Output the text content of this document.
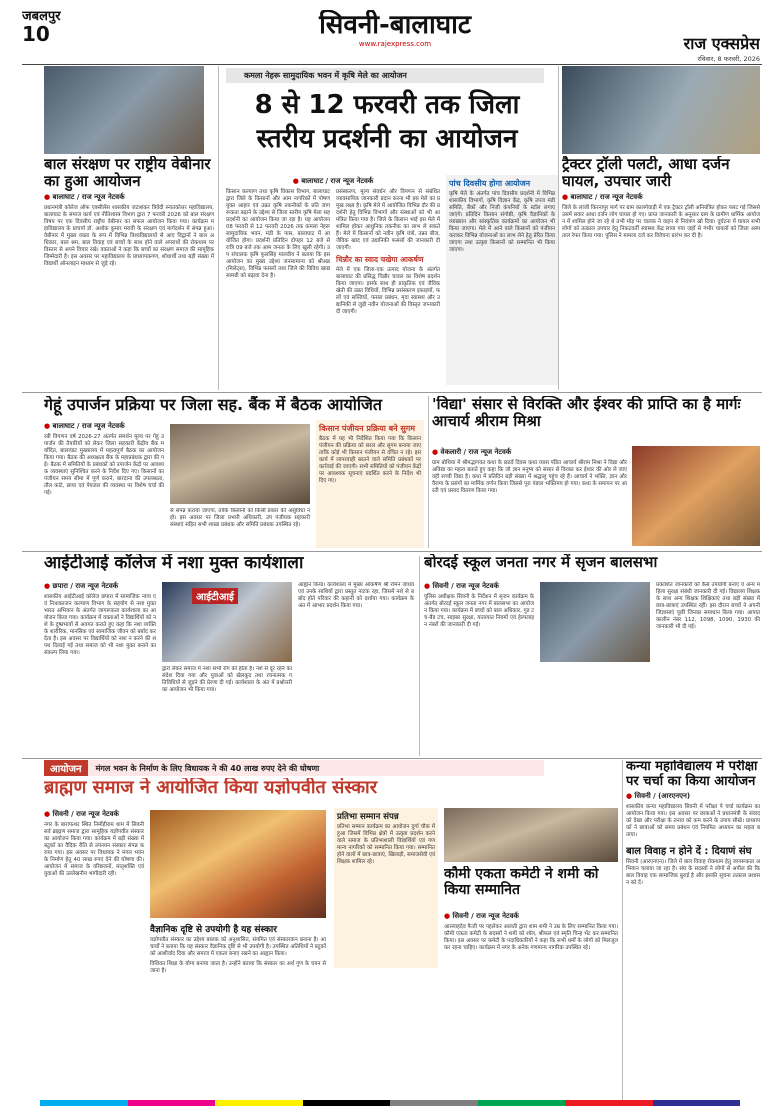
जबलपुर
10	सिवनी-बालाघाट
www.rajexpress.com	राज एक्सप्रेस
रविवार, 8 फरवरी, 2026
बाल संरक्षण पर राष्ट्रीय वेबीनार का हुआ आयोजन
● बालाघाट / राज न्यूज नेटवर्क
प्रधानमंत्री कॉलेज ऑफ एक्सीलेंस शासकीय जटाशंकर त्रिवेदी स्नातकोत्तर महाविद्यालय, बालाघाट के समाज कार्य एवं नीतिशास्त्र विभाग द्वारा 7 फरवरी 2026 को बाल संरक्षण विषय पर एक दिवसीय राष्ट्रीय वेबीनार का सफल आयोजन किया गया। कार्यक्रम महाविद्यालय के प्राचार्य डॉ. अशोक कुमार मरावी के संरक्षण एवं मार्गदर्शन में संपन्न हुआ। वेबीनार में मुख्य वक्ता के रूप में विभिन्न विश्वविद्यालयों से आए विद्वानों ने बाल अधिकार, बाल श्रम, बाल विवाह एवं बच्चों के साथ होने वाले अपराधों की रोकथाम पर विस्तार से अपने विचार रखे। वक्ताओं ने कहा कि बच्चों का संरक्षण समाज की सामूहिक जिम्मेदारी है। इस अवसर पर महाविद्यालय के प्राध्यापकगण, शोधार्थी तथा बड़ी संख्या में विद्यार्थी ऑनलाइन माध्यम से जुड़े रहे।
कमला नेहरू सामुदायिक भवन में कृषि मेले का आयोजन
8 से 12 फरवरी तक जिला स्तरीय प्रदर्शनी का आयोजन
● बालाघाट / राज न्यूज नेटवर्क
किसान कल्याण तथा कृषि विकास विभाग, बालाघाट द्वारा जिले के किसानों और आम नागरिकों में पोषण युक्त आहार एवं उन्नत कृषि तकनीकों के प्रति जागरूकता बढ़ाने के उद्देश्य से जिला स्तरीय कृषि मेला सह प्रदर्शनी का आयोजन किया जा रहा है। यह आयोजन 08 फरवरी से 12 फरवरी 2026 तक कमला नेहरू सामुदायिक भवन, मंडी के पास, बालाघाट में आयोजित होगा। प्रदर्शनी प्रतिदिन दोपहर 12 बजे से रात्रि 09 बजे तक आम जनता के लिए खुली रहेगी। उप संचालक कृषि फूलसिंह मालवीय ने बताया कि इस आयोजन का मुख्य उद्देश्य जनसामान्य को श्रीअन्न (मिलेट्स), विभिन्न फसलों तथा जिले की विविध खाद्य सामग्री को बढ़ावा देना है।
प्रसंस्करण, मूल्य संवर्धन और विपणन से संबंधित व्यावसायिक जानकारी प्रदान करना भी इस मेले का प्रमुख लक्ष्य है। कृषि मेले में आयोजित विभिन्न दौर की प्रदर्शनी हेतु विभिन्न विभागों और संस्थाओं को भी आमंत्रित किया गया है। जिले के किसान भाई इस मेले में शामिल होकर आधुनिक तकनीक का लाभ ले सकते हैं। मेले में किसानों को नवीन कृषि यंत्रों, उन्नत बीज, जैविक खाद एवं उद्यानिकी फसलों की जानकारी दी जाएगी।
चिन्नौर का स्वाद चखेगा आकर्षण
मेले में एक जिला-एक उत्पाद योजना के अंतर्गत बालाघाट की प्रसिद्ध चिन्नौर चावल का विशेष प्रदर्शन किया जाएगा। इसके साथ ही प्राकृतिक एवं जैविक खेती की उन्नत विधियों, विभिन्न प्रसंस्करण इकाइयों, फलों एवं सब्जियों, फसल प्रबंधन, मृदा स्वास्थ्य और उद्यानिकी से जुड़ी नवीन योजनाओं की विस्तृत जानकारी दी जाएगी।
पांच दिवसीय होगा आयोजन
कृषि मेले के अंतर्गत पांच दिवसीय प्रदर्शनी में विभिन्न शासकीय विभागों, कृषि विज्ञान केंद्र, कृषि उपज मंडी समिति, बैंकों और निजी कंपनियों के स्टॉल लगाए जाएंगे। प्रतिदिन किसान संगोष्ठी, कृषि वैज्ञानिकों के व्याख्यान और सांस्कृतिक कार्यक्रमों का आयोजन भी किया जाएगा। मेले में आने वाले किसानों को पंजीयन कराकर विभिन्न योजनाओं का लाभ लेने हेतु प्रेरित किया जाएगा तथा उत्कृष्ट किसानों को सम्मानित भी किया जाएगा।
ट्रैक्टर ट्रॉली पलटी, आधा दर्जन घायल, उपचार जारी
● बालाघाट / राज न्यूज नेटवर्क
जिले के लांजी किरनापुर मार्ग पर ग्राम कालगेवाड़ी में एक ट्रैक्टर ट्रॉली अनियंत्रित होकर पलट गई जिससे उसमें सवार आधा दर्जन लोग घायल हो गए। प्राप्त जानकारी के अनुसार ग्राम के ग्रामीण धार्मिक आयोजन में शामिल होने जा रहे थे तभी मोड़ पर चालक ने वाहन से नियंत्रण खो दिया। दुर्घटना में घायल सभी लोगों को तत्काल उपचार हेतु निकटवर्ती स्वास्थ्य केंद्र लाया गया जहाँ से गंभीर घायलों को जिला अस्पताल रेफर किया गया। पुलिस ने मामला दर्ज कर विवेचना प्रारंभ कर दी है।
गेहूं उपार्जन प्रक्रिया पर जिला सह. बैंक में बैठक आयोजित
● बालाघाट / राज न्यूज नेटवर्क
रबी विपणन वर्ष 2026-27 अंतर्गत समर्थन मूल्य पर गेहूं उपार्जन की तैयारियों को लेकर जिला सहकारी केंद्रीय बैंक मर्यादित, बालाघाट मुख्यालय में महत्वपूर्ण बैठक का आयोजन किया गया। बैठक की अध्यक्षता बैंक के महाप्रबंधक द्वारा की गई। बैठक में समितियों के प्रबंधकों को उपार्जन केंद्रों पर आवश्यक व्यवस्थाएं सुनिश्चित करने के निर्देश दिए गए। किसानों का पंजीयन समय सीमा में पूर्ण कराने, बारदाना की उपलब्धता, तौल कांटे, छाया एवं पेयजल की व्यवस्था पर विशेष चर्चा की गई।
से संपन्न कराया जाएगा, ताकि किसानों को किसी प्रकार की असुविधा न हो। इस अवसर पर जिला प्रभारी अधिकारी, उप पंजीयक सहकारी संस्थाएं सहित सभी शाखा प्रबंधक और समिति प्रबंधक उपस्थित रहे।
किसान पंजीयन प्रक्रिया बने सुगम
बैठक में यह भी निर्देशित किया गया कि किसान पंजीयन की प्रक्रिया को सरल और सुगम बनाया जाए ताकि कोई भी किसान पंजीयन से वंचित न रहे। इस कार्य में लापरवाही बरतने वाले समिति प्रबंधकों पर कार्रवाई की जाएगी। सभी समितियों को पंजीयन केंद्रों पर आवश्यक सूचनाएं प्रदर्शित करने के निर्देश भी दिए गए।
'विद्या' संसार से विरक्ति और ईश्वर की प्राप्ति का है मार्गः आचार्य श्रीराम मिश्रा
● वेकलारी / राज न्यूज नेटवर्क
ग्राम बोथिया में श्रीमद्भागवत कथा के छठवें दिवस कथा व्यास पंडित आचार्य श्रीराम मिश्रा ने विद्या और अविद्या का महत्व बताते हुए कहा कि जो ज्ञान मनुष्य को संसार से विरक्त कर ईश्वर की ओर ले जाए वही सच्ची विद्या है। कथा में प्रतिदिन बड़ी संख्या में श्रद्धालु पहुंच रहे हैं। आचार्य ने भक्ति, ज्ञान और वैराग्य के प्रसंगों का मार्मिक वर्णन किया जिससे पूरा पंडाल भक्तिमय हो गया। कथा के समापन पर आरती एवं प्रसाद वितरण किया गया।
आईटीआई कॉलेज में नशा मुक्त कार्यशाला
● छपारा / राज न्यूज नेटवर्क
शासकीय आईटीआई कॉलेज छपारा में सामाजिक न्याय एवं निःशक्तजन कल्याण विभाग के सहयोग से नशा मुक्त भारत अभियान के अंतर्गत जागरूकता कार्यशाला का आयोजन किया गया। कार्यक्रम में वक्ताओं ने विद्यार्थियों को नशे के दुष्प्रभावों से अवगत कराते हुए कहा कि नशा व्यक्ति के शारीरिक, मानसिक एवं सामाजिक जीवन को बर्बाद कर देता है। इस अवसर पर विद्यार्थियों को नशा न करने की शपथ दिलाई गई तथा समाज को भी नशा मुक्त बनाने का संकल्प लिया गया।
आईटीआई
द्वारा लेकर समाज में नशा सभी रोग को होता है। नशे से दूर रहने का संदेश दिया गया और युवाओं को खेलकूद तथा रचनात्मक गतिविधियों से जुड़ने की प्रेरणा दी गई। कार्यशाला के अंत में प्रश्नोत्तरी का आयोजन भी किया गया।
आह्वान किया। कार्यशाला में मुख्य आकर्षण श्री रोमन जाधव एवं उनके साथियों द्वारा प्रस्तुत नाटक रहा, जिसमें नशे से बर्बाद होते परिवार की कहानी को दर्शाया गया। कार्यक्रम के अंत में आभार प्रदर्शन किया गया।
बोरदई स्कूल जनता नगर में सृजन बालसभा
● सिवनी / राज न्यूज नेटवर्क
पुलिस अधीक्षक सिवनी के निर्देशन में सृजन कार्यक्रम के अंतर्गत बोरदई स्कूल जनता नगर में बालसभा का आयोजन किया गया। कार्यक्रम में बच्चों को बाल अधिकार, गुड टच-बैड टच, साइबर सुरक्षा, यातायात नियमों एवं हेल्पलाइन नंबरों की जानकारी दी गई।
प्रकाशित जानकारी को कैसे उपयोगी बनाएं व अन्य महिला सुरक्षा संबंधी जानकारी दी गई। विद्यालय शिक्षक के साथ अन्य शिक्षक शिक्षिकाएं तथा बड़ी संख्या में छात्र-छात्राएं उपस्थित रहीं। इस दौरान बच्चों ने अपनी जिज्ञासाएं पूछीं जिनका समाधान किया गया। आपातकालीन नंबर 112, 1098, 1090, 1930 की जानकारी भी दी गई।
आयोजन	मंगल भवन के निर्माण के लिए विधायक ने की 40 लाख रुपए देने की घोषणा
ब्राह्मण समाज ने आयोजित किया यज्ञोपवीत संस्कार
● सिवनी / राज न्यूज नेटवर्क
नगर के बारापत्थर स्थित निर्मोहीराम धाम में सिवनी सर्व ब्राह्मण समाज द्वारा सामूहिक यज्ञोपवीत संस्कार का आयोजन किया गया। कार्यक्रम में बड़ी संख्या में बटुकों का वैदिक रीति से उपनयन संस्कार संपन्न कराया गया। इस अवसर पर विधायक ने मंगल भवन के निर्माण हेतु 40 लाख रुपए देने की घोषणा की। आयोजन में समाज के वरिष्ठजनों, मातृशक्ति एवं युवाओं की उल्लेखनीय भागीदारी रही।
वैज्ञानिक दृष्टि से उपयोगी है यह संस्कार
यज्ञोपवीत संस्कार का उद्देश्य बालक को अनुशासित, संयमित एवं संस्कारवान बनाना है। आचार्यों ने बताया कि यह संस्कार वैज्ञानिक दृष्टि से भी उपयोगी है। उपस्थित अतिथियों ने बटुकों को आशीर्वाद दिया और समाज में एकता बनाए रखने का आह्वान किया।
विधिवत शिक्षा के योग्य बनाया जाता है। उन्होंने बताया कि संस्कार का अर्थ गुण के चयन से जाना है।
प्रतिभा सम्मान संपन्न
प्रतिभा सम्मान कार्यक्रम का आयोजन दुर्गा चौक में हुआ जिसमें विभिन्न क्षेत्रों में उत्कृष्ट प्रदर्शन करने वाले समाज के प्रतिभाशाली विद्यार्थियों एवं गणमान्य नागरिकों को सम्मानित किया गया। सम्मानित होने वालों में छात्र-छात्राएं, खिलाड़ी, समाजसेवी एवं शिक्षक शामिल रहे।
कौमी एकता कमेटी ने शमी को किया सम्मानित
● सिवनी / राज न्यूज नेटवर्क
आल्लाहदेव फैजी पर पहलेकर आलती द्वारा शाम शमी ने उम्र के लिए सम्मानित किया गया। कौमी एकता कमेटी के सदस्यों ने शमी को शॉल, श्रीफल एवं स्मृति चिन्ह भेंट कर सम्मानित किया। इस अवसर पर कमेटी के पदाधिकारियों ने कहा कि सभी धर्मों के लोगों को मिलजुलकर रहना चाहिए। कार्यक्रम में नगर के अनेक गणमान्य नागरिक उपस्थित रहे।
कन्या महाविद्यालय में परीक्षा पर चर्चा का किया आयोजन
● सिवनी / (आरएनएन)
शासकीय कन्या महाविद्यालय सिवनी में परीक्षा पे चर्चा कार्यक्रम का आयोजन किया गया। इस अवसर पर छात्राओं ने प्रधानमंत्री के संवाद को देखा और परीक्षा के तनाव को कम करने के उपाय सीखे। प्राध्यापकों ने छात्राओं को समय प्रबंधन एवं नियमित अध्ययन का महत्व बताया।
बाल विवाह न होने दें : दियाणं संघ
सिवनी (आरएनएन)। जिले में बाल विवाह रोकथाम हेतु जागरूकता अभियान चलाया जा रहा है। संघ के सदस्यों ने लोगों से अपील की कि बाल विवाह एक सामाजिक बुराई है और इसकी सूचना तत्काल प्रशासन को दें।
